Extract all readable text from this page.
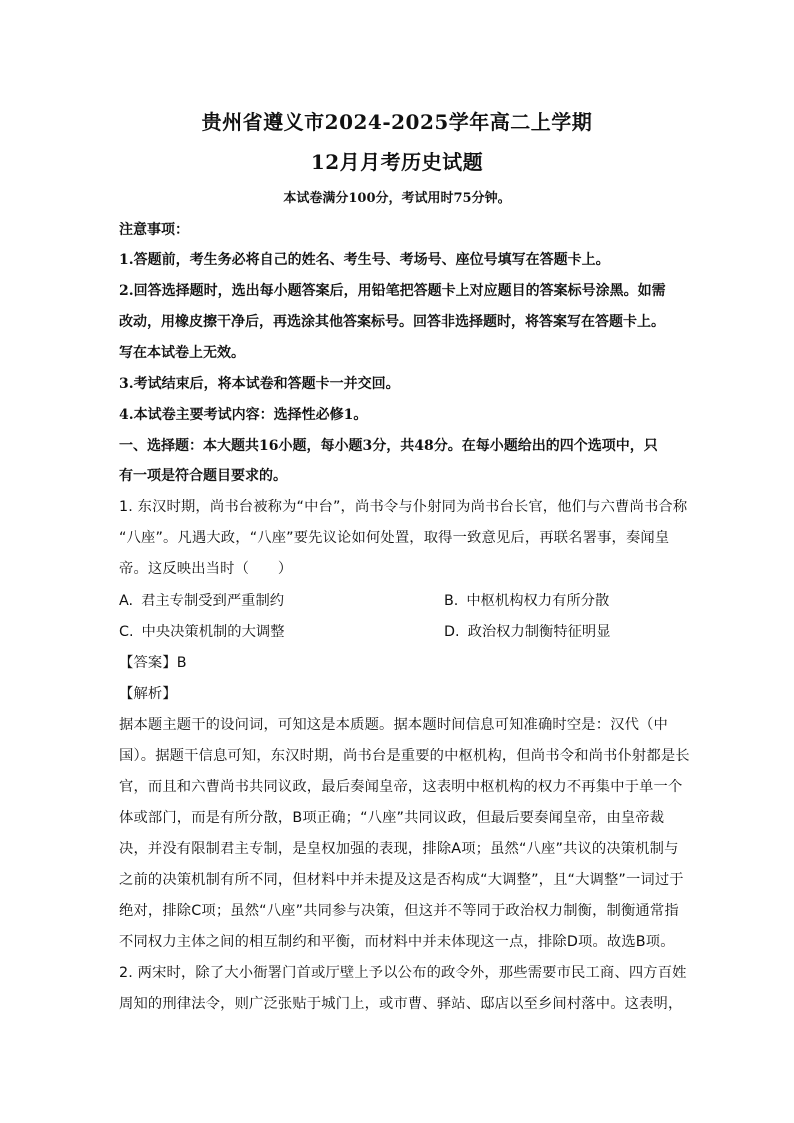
贵州省遵义市2024-2025学年高二上学期
12月月考历史试题
本试卷满分100分，考试用时75分钟。
注意事项：
1.答题前，考生务必将自己的姓名、考生号、考场号、座位号填写在答题卡上。
2.回答选择题时，选出每小题答案后，用铅笔把答题卡上对应题目的答案标号涂黑。如需
改动，用橡皮擦干净后，再选涂其他答案标号。回答非选择题时，将答案写在答题卡上。
写在本试卷上无效。
3.考试结束后，将本试卷和答题卡一并交回。
4.本试卷主要考试内容：选择性必修1。
一、选择题：本大题共16小题，每小题3分，共48分。在每小题给出的四个选项中，只
有一项是符合题目要求的。
1. 东汉时期，尚书台被称为“中台”，尚书令与仆射同为尚书台长官，他们与六曹尚书合称
“八座”。凡遇大政，“八座”要先议论如何处置，取得一致意见后，再联名署事，奏闻皇
帝。这反映出当时（　　）
A. 君主专制受到严重制约	B. 中枢机构权力有所分散
C. 中央决策机制的大调整	D. 政治权力制衡特征明显
【答案】B
【解析】
据本题主题干的设问词，可知这是本质题。据本题时间信息可知准确时空是：汉代（中
国）。据题干信息可知，东汉时期，尚书台是重要的中枢机构，但尚书令和尚书仆射都是长
官，而且和六曹尚书共同议政，最后奏闻皇帝，这表明中枢机构的权力不再集中于单一个
体或部门，而是有所分散，B项正确；“八座”共同议政，但最后要奏闻皇帝，由皇帝裁
决，并没有限制君主专制，是皇权加强的表现，排除A项；虽然“八座”共议的决策机制与
之前的决策机制有所不同，但材料中并未提及这是否构成“大调整”，且“大调整”一词过于
绝对，排除C项；虽然“八座”共同参与决策，但这并不等同于政治权力制衡，制衡通常指
不同权力主体之间的相互制约和平衡，而材料中并未体现这一点，排除D项。故选B项。
2. 两宋时，除了大小衙署门首或厅壁上予以公布的政令外，那些需要市民工商、四方百姓
周知的刑律法令，则广泛张贴于城门上，或市曹、驿站、邸店以至乡间村落中。这表明，
